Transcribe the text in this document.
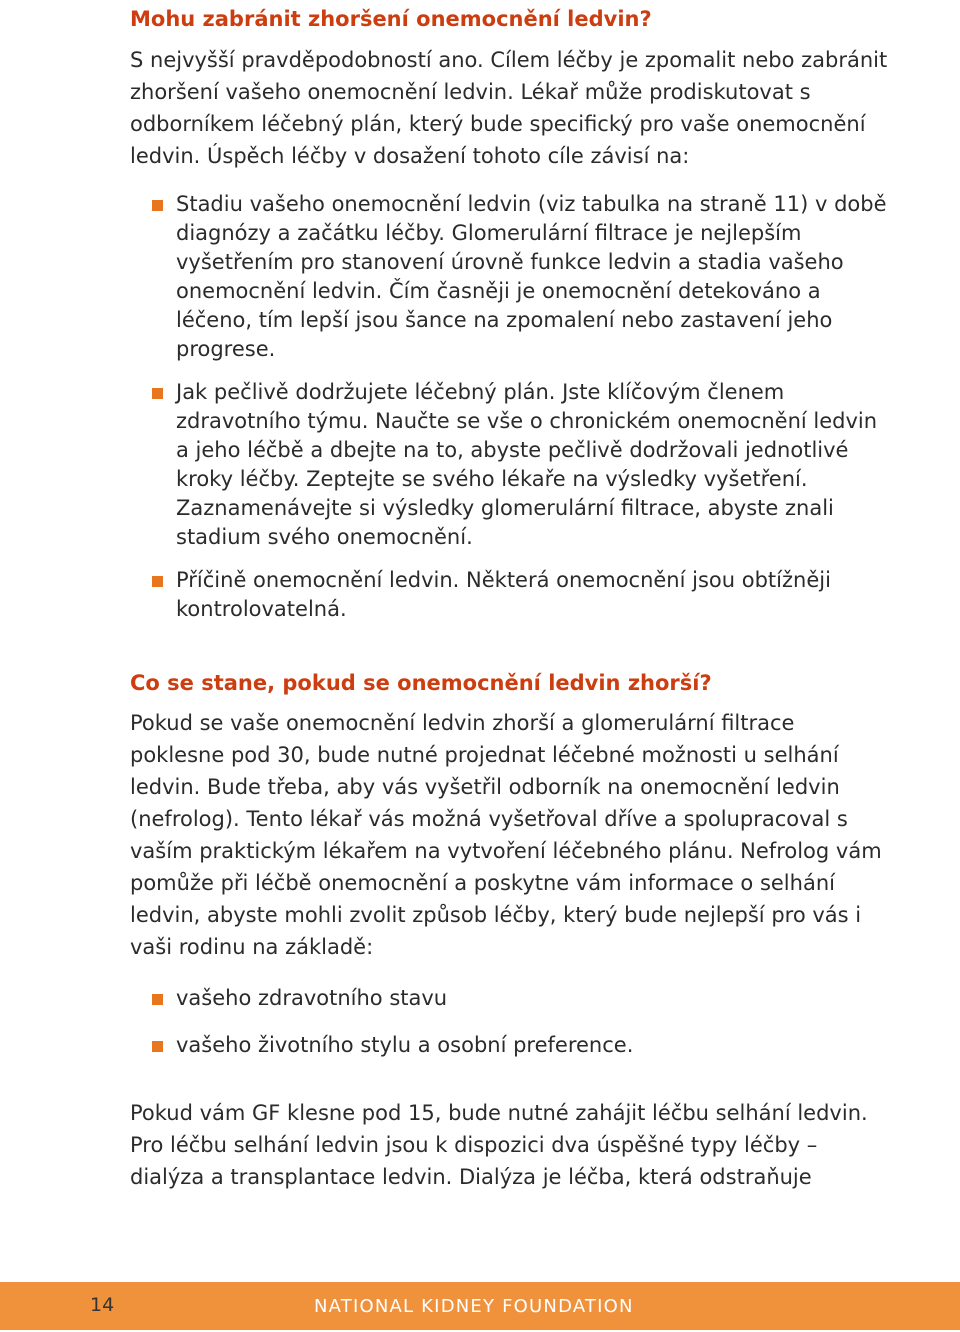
Mohu zabránit zhoršení onemocnění ledvin?

S nejvyšší pravděpodobností ano. Cílem léčby je zpomalit nebo zabránit zhoršení vašeho onemocnění ledvin. Lékař může prodiskutovat s odborníkem léčebný plán, který bude specifický pro vaše onemocnění ledvin. Úspěch léčby v dosažení tohoto cíle závisí na:

Stadiu vašeho onemocnění ledvin (viz tabulka na straně 11) v době diagnózy a začátku léčby. Glomerulární filtrace je nejlepším vyšetřením pro stanovení úrovně funkce ledvin a stadia vašeho onemocnění ledvin. Čím časněji je onemocnění detekováno a léčeno, tím lepší jsou šance na zpomalení nebo zastavení jeho progrese.
Jak pečlivě dodržujete léčebný plán. Jste klíčovým členem zdravotního týmu. Naučte se vše o chronickém onemocnění ledvin a jeho léčbě a dbejte na to, abyste pečlivě dodržovali jednotlivé kroky léčby. Zeptejte se svého lékaře na výsledky vyšetření. Zaznamenávejte si výsledky glomerulární filtrace, abyste znali stadium svého onemocnění.
Příčině onemocnění ledvin. Některá onemocnění jsou obtížněji kontrolovatelná.
Co se stane, pokud se onemocnění ledvin zhorší?

Pokud se vaše onemocnění ledvin zhorší a glomerulární filtrace poklesne pod 30, bude nutné projednat léčebné možnosti u selhání ledvin. Bude třeba, aby vás vyšetřil odborník na onemocnění ledvin (nefrolog). Tento lékař vás možná vyšetřoval dříve a spolupracoval s vaším praktickým lékařem na vytvoření léčebného plánu. Nefrolog vám pomůže při léčbě onemocnění a poskytne vám informace o selhání ledvin, abyste mohli zvolit způsob léčby, který bude nejlepší pro vás i vaši rodinu na základě:

vašeho zdravotního stavu
vašeho životního stylu a osobní preference.

Pokud vám GF klesne pod 15, bude nutné zahájit léčbu selhání ledvin. Pro léčbu selhání ledvin jsou k dispozici dva úspěšné typy léčby – dialýza a transplantace ledvin. Dialýza je léčba, která odstraňuje

14	NATIONAL KIDNEY FOUNDATION
